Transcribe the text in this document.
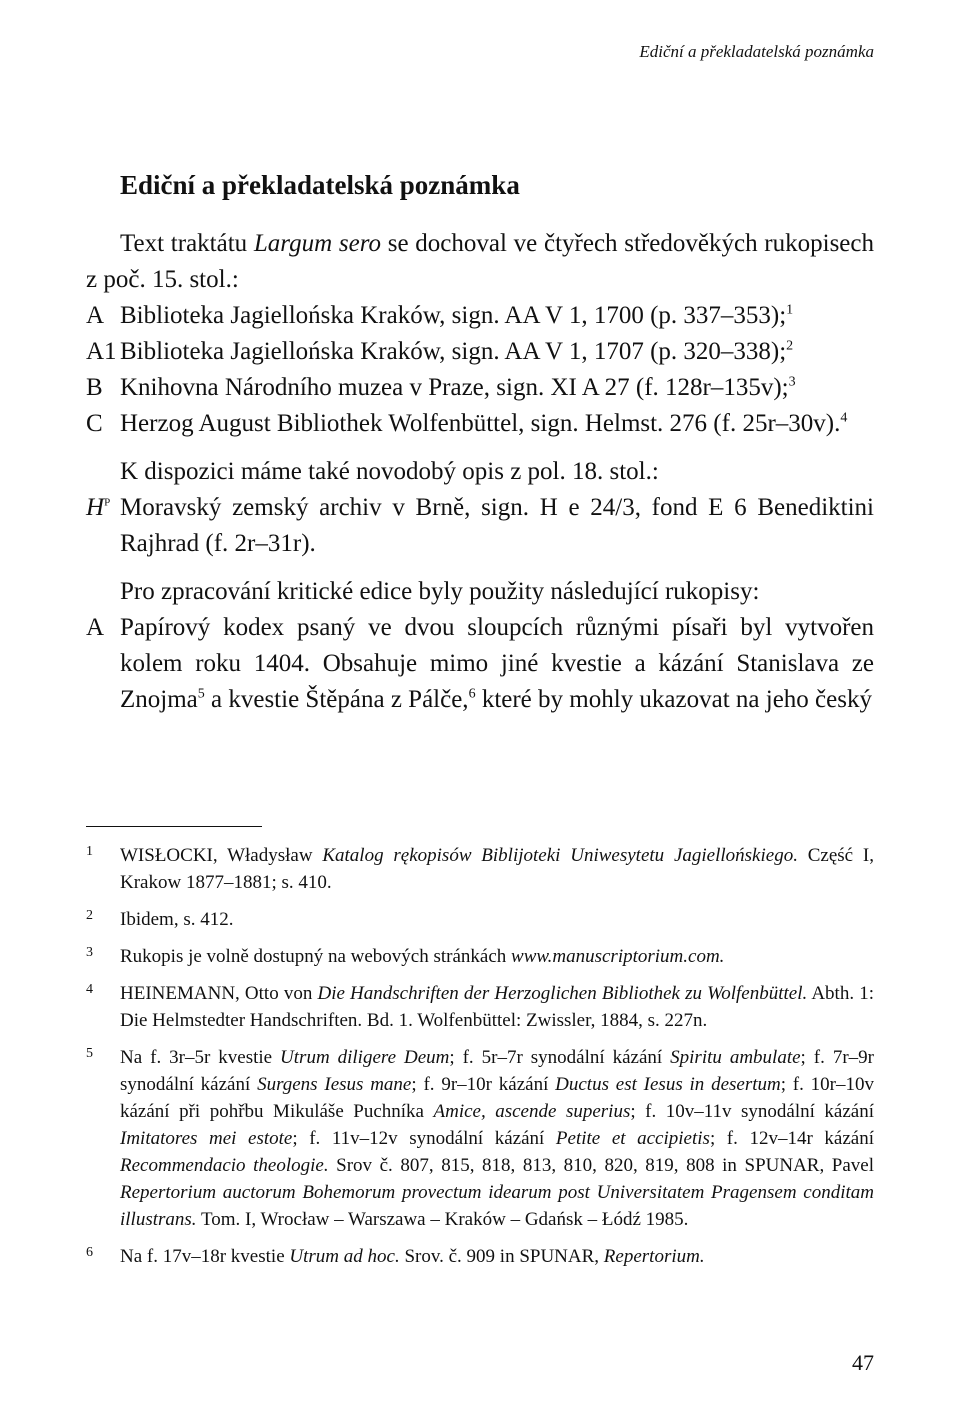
Ediční a překladatelská poznámka
Ediční a překladatelská poznámka

Text traktátu Largum sero se dochoval ve čtyřech středověkých rukopisech z poč. 15. stol.:

A Biblioteka Jagiellońska Kraków, sign. AA V 1, 1700 (p. 337–353);$^1$
A1 Biblioteka Jagiellońska Kraków, sign. AA V 1, 1707 (p. 320–338);$^2$
B Knihovna Národního muzea v Praze, sign. XI A 27 (f. 128r–135v);$^3$
C Herzog August Bibliothek Wolfenbüttel, sign. Helmst. 276 (f. 25r–30v).$^4$

K dispozici máme také novodobý opis z pol. 18. stol.:

$H^P$ Moravský zemský archiv v Brně, sign. H e 24/3, fond E 6 Benediktini Rajhrad (f. 2r–31r).

Pro zpracování kritické edice byly použity následující rukopisy:

A Papírový kodex psaný ve dvou sloupcích různými písaři byl vytvořen kolem roku 1404. Obsahuje mimo jiné kvestie a kázání Stanislava ze Znojma$^5$ a kvestie Štěpána z Pálče,$^6$ které by mohly ukazovat na jeho český
1	WISŁOCKI, Władysław Katalog rękopisów Biblijoteki Uniwesytetu Jagiellońskiego. Część I, Krakow 1877–1881; s. 410.
2	Ibidem, s. 412.
3	Rukopis je volně dostupný na webových stránkách www.manuscriptorium.com.
4	HEINEMANN, Otto von Die Handschriften der Herzoglichen Bibliothek zu Wolfenbüttel. Abth. 1: Die Helmstedter Handschriften. Bd. 1. Wolfenbüttel: Zwissler, 1884, s. 227n.
5	Na f. 3r–5r kvestie Utrum diligere Deum; f. 5r–7r synodální kázání Spiritu ambulate; f. 7r–9r synodální kázání Surgens Iesus mane; f. 9r–10r kázání Ductus est Iesus in desertum; f. 10r–10v kázání při pohřbu Mikuláše Puchníka Amice, ascende superius; f. 10v–11v synodální kázání Imitatores mei estote; f. 11v–12v synodální kázání Petite et accipietis; f. 12v–14r kázání Recommendacio theologie. Srov č. 807, 815, 818, 813, 810, 820, 819, 808 in SPUNAR, Pavel Repertorium auctorum Bohemorum provectum idearum post Universitatem Pragensem conditam illustrans. Tom. I, Wrocław – Warszawa – Kraków – Gdańsk – Łódź 1985.
6	Na f. 17v–18r kvestie Utrum ad hoc. Srov. č. 909 in SPUNAR, Repertorium.
47
